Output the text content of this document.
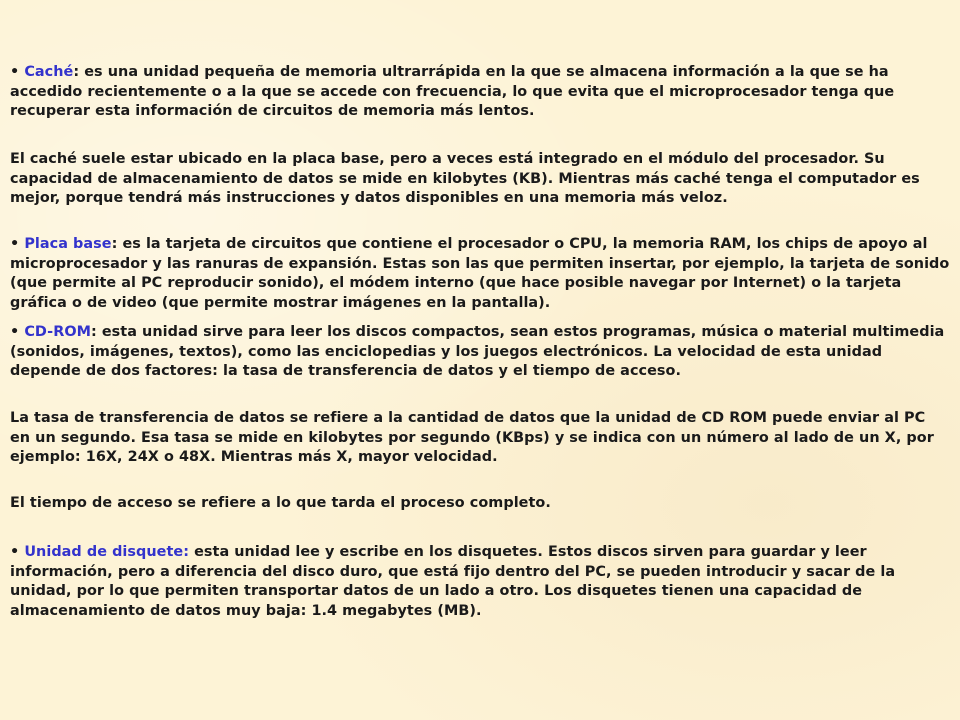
• Caché: es una unidad pequeña de memoria ultrarrápida en la que se almacena información a la que se ha accedido recientemente o a la que se accede con frecuencia, lo que evita que el microprocesador tenga que recuperar esta información de circuitos de memoria más lentos.

El caché suele estar ubicado en la placa base, pero a veces está integrado en el módulo del procesador. Su capacidad de almacenamiento de datos se mide en kilobytes (KB). Mientras más caché tenga el computador es mejor, porque tendrá más instrucciones y datos disponibles en una memoria más veloz.

• Placa base: es la tarjeta de circuitos que contiene el procesador o CPU, la memoria RAM, los chips de apoyo al microprocesador y las ranuras de expansión. Estas son las que permiten insertar, por ejemplo, la tarjeta de sonido (que permite al PC reproducir sonido), el módem interno (que hace posible navegar por Internet) o la tarjeta gráfica o de video (que permite mostrar imágenes en la pantalla).

• CD-ROM: esta unidad sirve para leer los discos compactos, sean estos programas, música o material multimedia (sonidos, imágenes, textos), como las enciclopedias y los juegos electrónicos. La velocidad de esta unidad depende de dos factores: la tasa de transferencia de datos y el tiempo de acceso.

La tasa de transferencia de datos se refiere a la cantidad de datos que la unidad de CD ROM puede enviar al PC en un segundo. Esa tasa se mide en kilobytes por segundo (KBps) y se indica con un número al lado de un X, por ejemplo: 16X, 24X o 48X. Mientras más X, mayor velocidad.

El tiempo de acceso se refiere a lo que tarda el proceso completo.

• Unidad de disquete: esta unidad lee y escribe en los disquetes. Estos discos sirven para guardar y leer información, pero a diferencia del disco duro, que está fijo dentro del PC, se pueden introducir y sacar de la unidad, por lo que permiten transportar datos de un lado a otro. Los disquetes tienen una capacidad de almacenamiento de datos muy baja: 1.4 megabytes (MB).
